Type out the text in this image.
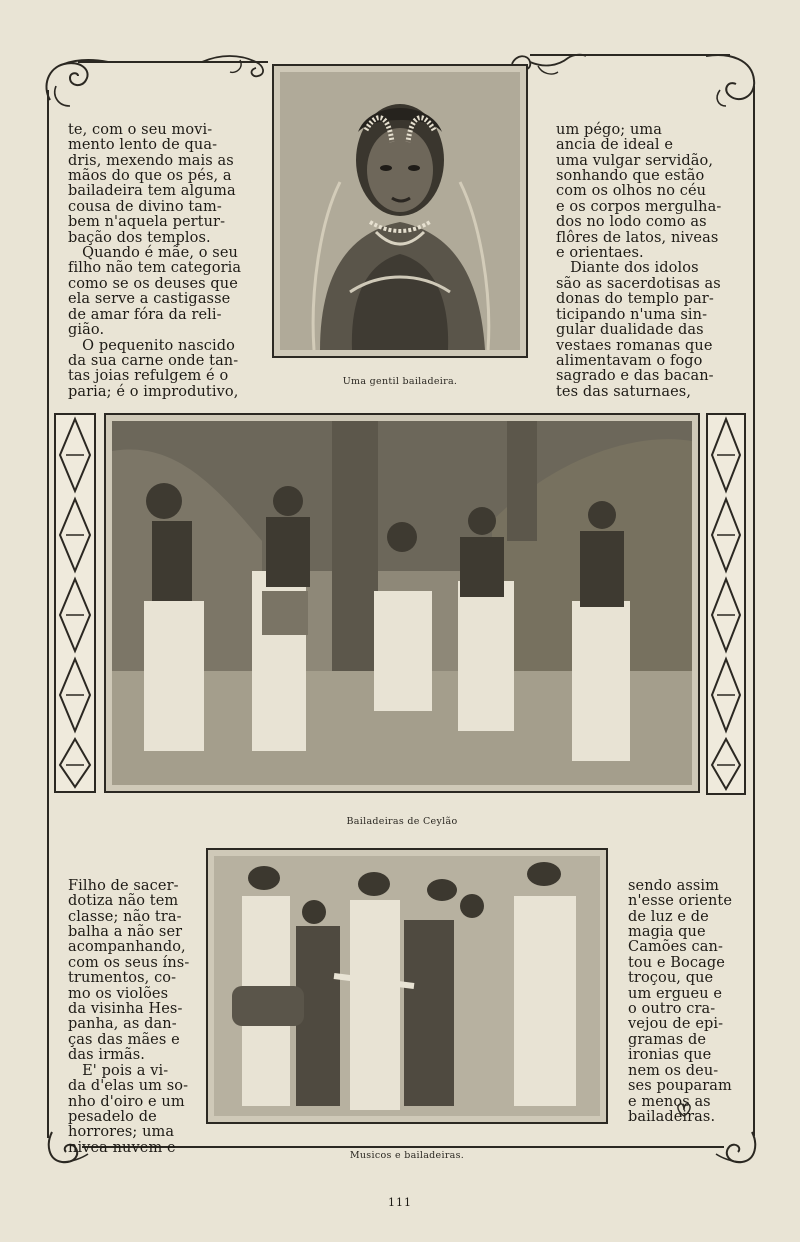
te, com o seu movi-
mento lento de qua-
dris, mexendo mais as
mãos do que os pés, a
bailadeira tem alguma
cousa de divino tam-
bem n'aquela pertur-
bação dos templos.
Quando é mãe, o seu
filho não tem categoria
como se os deuses que
ela serve a castigasse
de amar fóra da reli-
gião.
O pequenito nascido
da sua carne onde tan-
tas joias refulgem é o
paria; é o improdutivo,

um pégo; uma
ancia de ideal e
uma vulgar servidão,
sonhando que estão
com os olhos no céu
e os corpos mergulha-
dos no lodo como as
flôres de latos, niveas
e orientaes.
Diante dos idolos
são as sacerdotisas as
donas do templo par-
ticipando n'uma sin-
gular dualidade das
vestaes romanas que
alimentavam o fogo
sagrado e das bacan-
tes das saturnaes,

Uma gentil bailadeira.
Bailadeiras de Ceylão

Filho de sacer-
dotiza não tem
classe; não tra-
balha a não ser
acompanhando,
com os seus íns-
trumentos, co-
mo os violões
da visinha Hes-
panha, as dan-
ças das mães e
das irmãs.
E' pois a vi-
da d'elas um so-
nho d'oiro e um
pesadelo de
horrores; uma
nivea nuvem e

sendo assim
n'esse oriente
de luz e de
magia que
Camões can-
tou e Bocage
troçou, que
um ergueu e
o outro cra-
vejou de epi-
gramas de
ironias que
nem os deu-
ses pouparam
e menos as
bailadeiras.

Musicos e bailadeiras.
111
